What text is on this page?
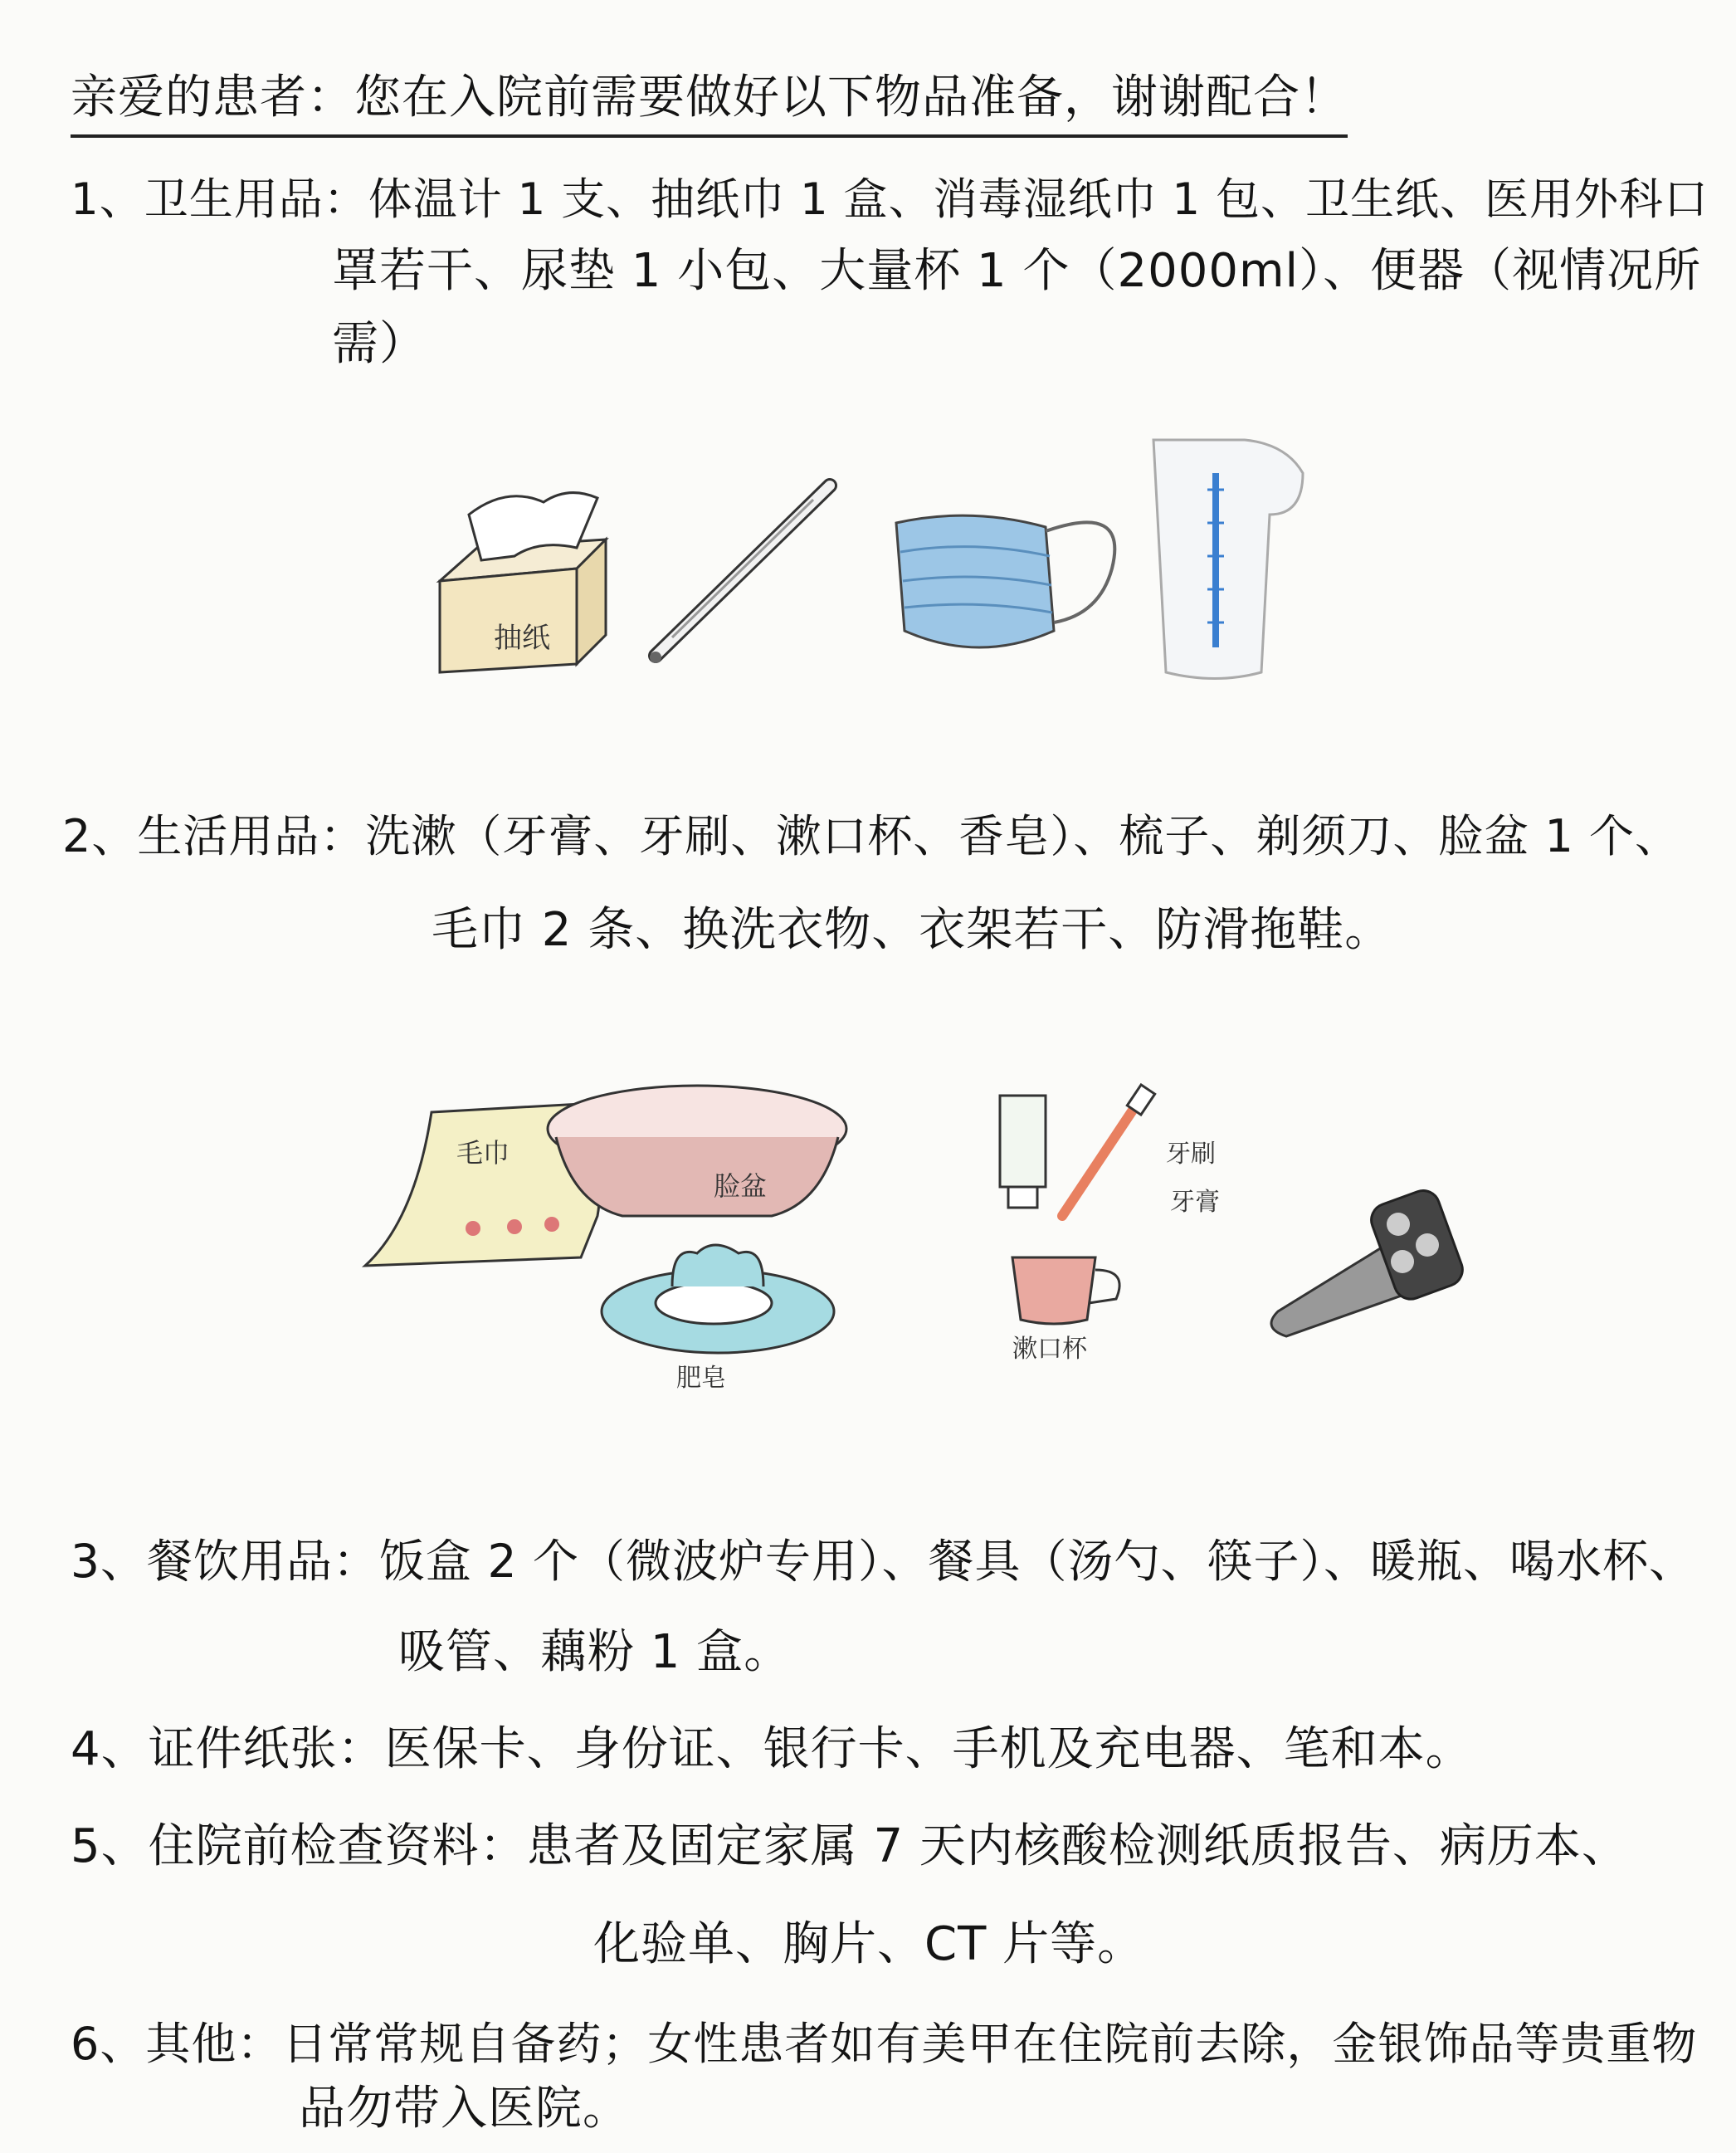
亲爱的患者：您在入院前需要做好以下物品准备，谢谢配合！
1、卫生用品：体温计 1 支、抽纸巾 1 盒、消毒湿纸巾 1 包、卫生纸、医用外科口
罩若干、尿垫 1 小包、大量杯 1 个（2000ml）、便器（视情况所
需）
抽纸
2、生活用品：洗漱（牙膏、牙刷、漱口杯、香皂）、梳子、剃须刀、脸盆 1 个、
毛巾 2 条、换洗衣物、衣架若干、防滑拖鞋。
毛巾
脸盆
肥皂
牙刷
牙膏
漱口杯
3、餐饮用品：饭盒 2 个（微波炉专用）、餐具（汤勺、筷子）、暖瓶、喝水杯、
吸管、藕粉 1 盒。
4、证件纸张：医保卡、身份证、银行卡、手机及充电器、笔和本。
5、住院前检查资料：患者及固定家属 7 天内核酸检测纸质报告、病历本、
化验单、胸片、CT 片等。
6、其他：日常常规自备药；女性患者如有美甲在住院前去除，金银饰品等贵重物
品勿带入医院。
